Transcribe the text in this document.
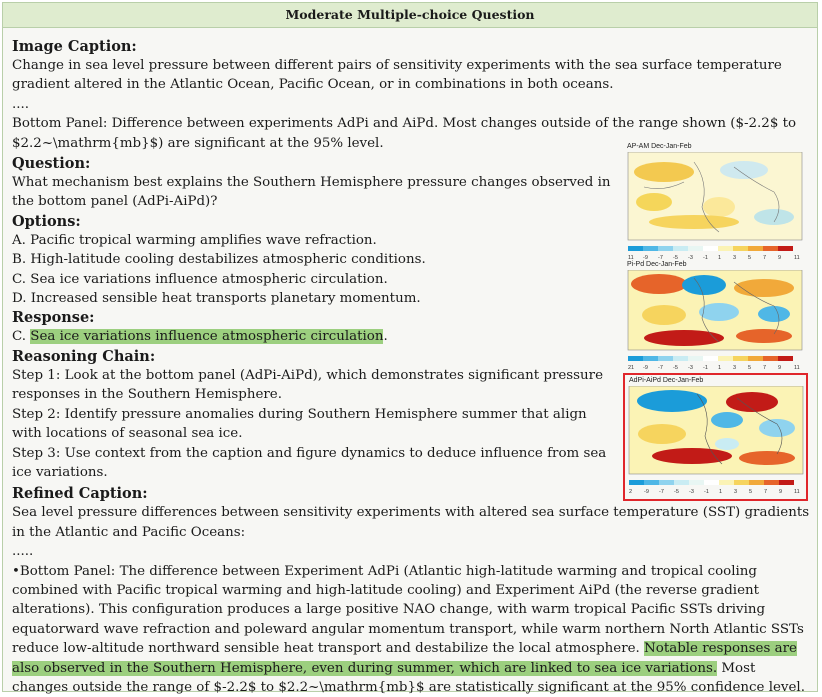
Moderate Multiple-choice Question

Image Caption:

Change in sea level pressure between different pairs of sensitivity experiments with the sea surface temperature gradient altered in the Atlantic Ocean, Pacific Ocean, or in combinations in both oceans.

....

Bottom Panel: Difference between experiments AdPi and AiPd. Most changes outside of the range shown ($-2.2$ to $2.2~\mathrm{mb}$) are significant at the 95% level.

Question:

What mechanism best explains the Southern Hemisphere pressure changes observed in the bottom panel (AdPi-AiPd)?

Options:

A. Pacific tropical warming amplifies wave refraction.

B. High-latitude cooling destabilizes atmospheric conditions.

C. Sea ice variations influence atmospheric circulation.

D. Increased sensible heat transports planetary momentum.

Response:

C. Sea ice variations influence atmospheric circulation.

Reasoning Chain:

Step 1: Look at the bottom panel (AdPi-AiPd), which demonstrates significant pressure responses in the Southern Hemisphere.

Step 2: Identify pressure anomalies during Southern Hemisphere summer that align with locations of seasonal sea ice.

Step 3: Use context from the caption and figure dynamics to deduce influence from sea ice variations.

Refined Caption:

Sea level pressure differences between sensitivity experiments with altered sea surface temperature (SST) gradients in the Atlantic and Pacific Oceans:

.....

•Bottom Panel: The difference between Experiment AdPi (Atlantic high-latitude warming and tropical cooling combined with Pacific tropical warming and high-latitude cooling) and Experiment AiPd (the reverse gradient alterations). This configuration produces a large positive NAO change, with warm tropical Pacific SSTs driving equatorward wave refraction and poleward angular momentum transport, while warm northern North Atlantic SSTs reduce low-altitude northward sensible heat transport and destabilize the local atmosphere. Notable responses are also observed in the Southern Hemisphere, even during summer, which are linked to sea ice variations. Most changes outside the range of $-2.2$ to $2.2~\mathrm{mb}$ are statistically significant at the 95% confidence level.

AP-AM Dec-Jan-Feb
11 -9 -7 -5 -3 -1 1 3 5 7 9 11
Pi-Pd Dec-Jan-Feb
21 -9 -7 -5 -3 -1 1 3 5 7 9 11
AdPi-AiPd Dec-Jan-Feb
2 -9 -7 -5 -3 -1 1 3 5 7 9 11
